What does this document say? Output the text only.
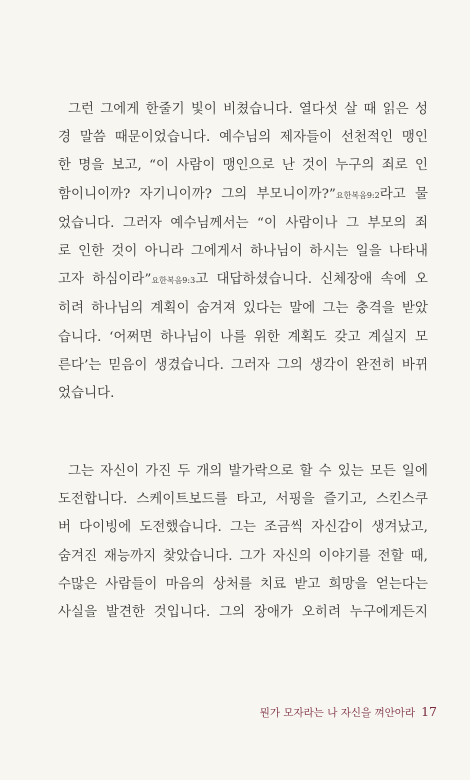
그런 그에게 한줄기 빛이 비쳤습니다. 열다섯 살 때 읽은 성
경 말씀 때문이었습니다. 예수님의 제자들이 선천적인 맹인
한 명을 보고, “이 사람이 맹인으로 난 것이 누구의 죄로 인
함이니이까? 자기니이까? 그의 부모니이까?”요한복음9:2라고 물
었습니다. 그러자 예수님께서는 “이 사람이나 그 부모의 죄
로 인한 것이 아니라 그에게서 하나님이 하시는 일을 나타내
고자 하심이라”요한복음9:3고 대답하셨습니다. 신체장애 속에 오
히려 하나님의 계획이 숨겨져 있다는 말에 그는 충격을 받았
습니다. ‘어쩌면 하나님이 나를 위한 계획도 갖고 계실지 모
른다’는 믿음이 생겼습니다. 그러자 그의 생각이 완전히 바뀌
었습니다.
그는 자신이 가진 두 개의 발가락으로 할 수 있는 모든 일에
도전합니다. 스케이트보드를 타고, 서핑을 즐기고, 스킨스쿠
버 다이빙에 도전했습니다. 그는 조금씩 자신감이 생겨났고,
숨겨진 재능까지 찾았습니다. 그가 자신의 이야기를 전할 때,
수많은 사람들이 마음의 상처를 치료 받고 희망을 얻는다는
사실을 발견한 것입니다. 그의 장애가 오히려 누구에게든지
뭔가 모자라는 나 자신을 껴안아라 17
